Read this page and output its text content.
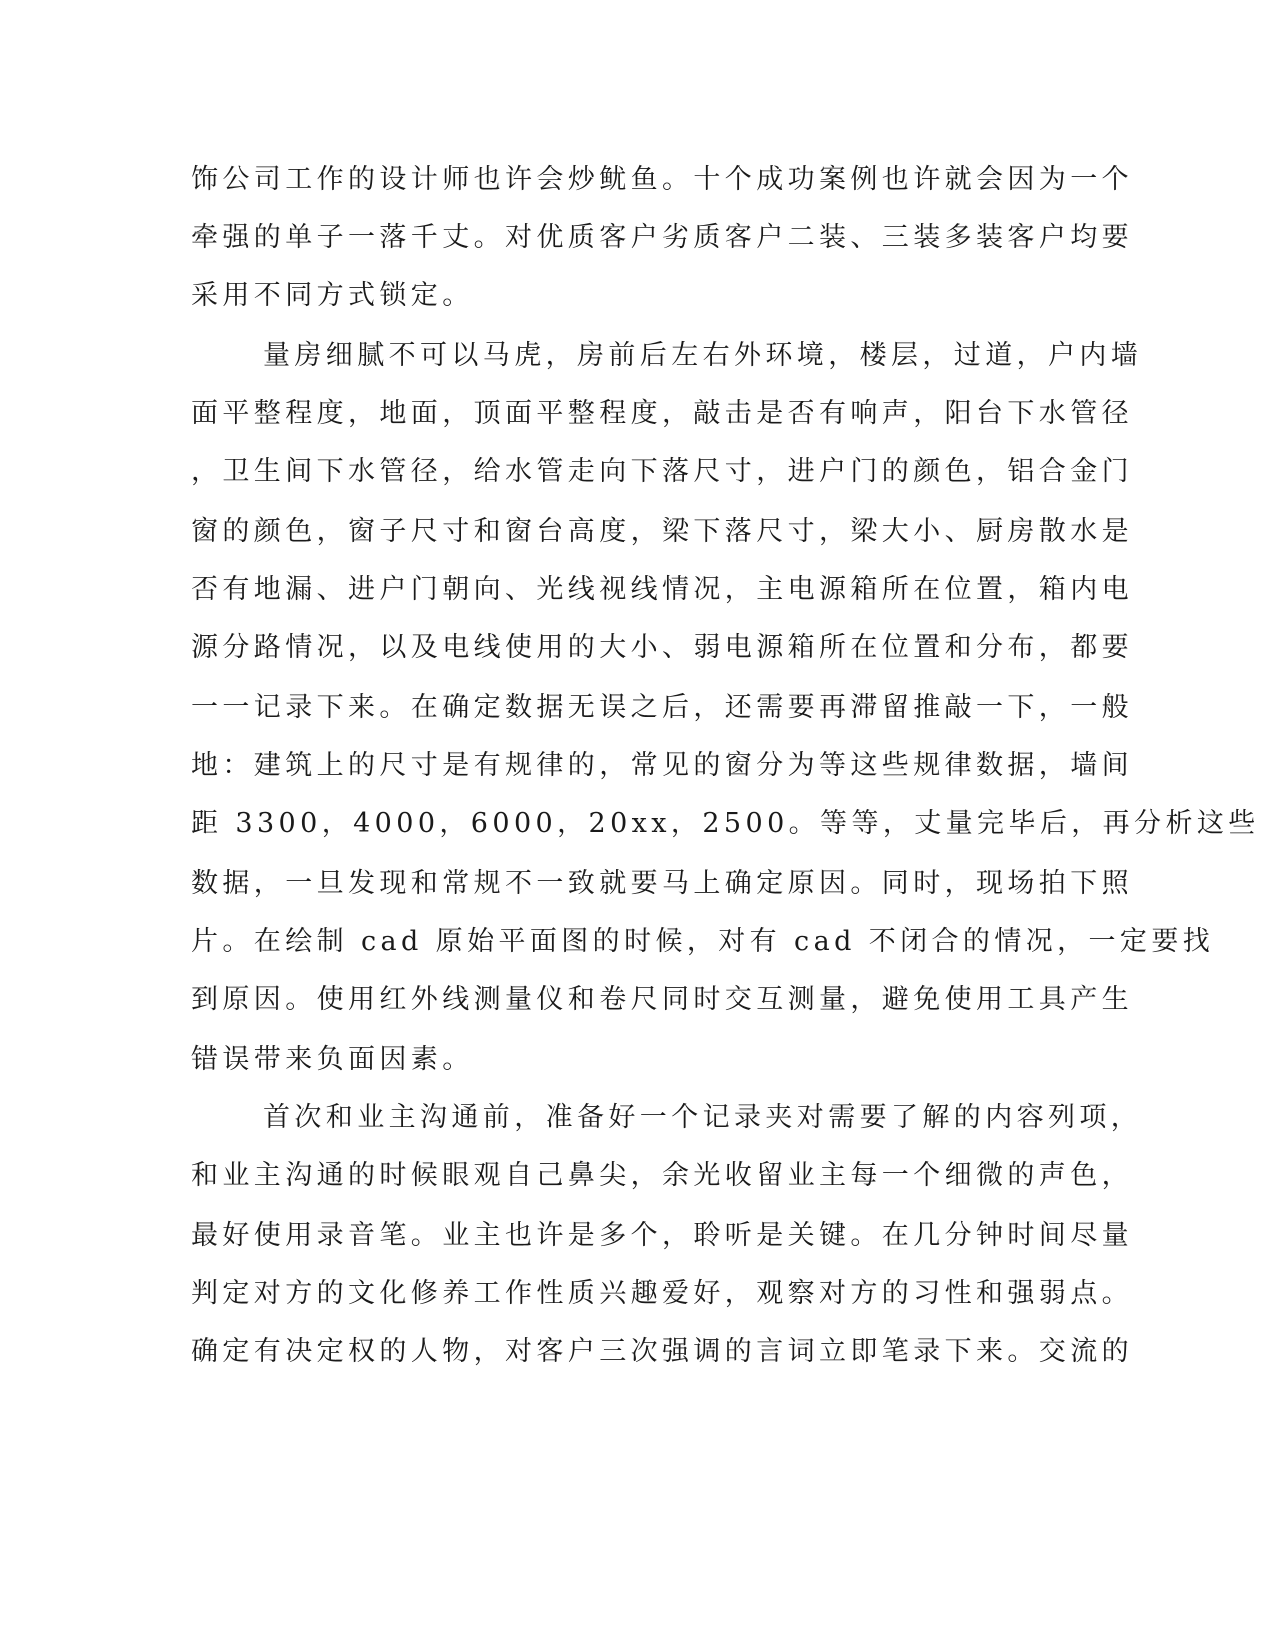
饰公司工作的设计师也许会炒鱿鱼。十个成功案例也许就会因为一个
牵强的单子一落千丈。对优质客户劣质客户二装、三装多装客户均要
采用不同方式锁定。
量房细腻不可以马虎，房前后左右外环境，楼层，过道，户内墙
面平整程度，地面，顶面平整程度，敲击是否有响声，阳台下水管径
，卫生间下水管径，给水管走向下落尺寸，进户门的颜色，铝合金门
窗的颜色，窗子尺寸和窗台高度，梁下落尺寸，梁大小、厨房散水是
否有地漏、进户门朝向、光线视线情况，主电源箱所在位置，箱内电
源分路情况，以及电线使用的大小、弱电源箱所在位置和分布，都要
一一记录下来。在确定数据无误之后，还需要再滞留推敲一下，一般
地：建筑上的尺寸是有规律的，常见的窗分为等这些规律数据，墙间
距 3300，4000，6000，20xx，2500。等等，丈量完毕后，再分析这些
数据，一旦发现和常规不一致就要马上确定原因。同时，现场拍下照
片。在绘制 cad 原始平面图的时候，对有 cad 不闭合的情况，一定要找
到原因。使用红外线测量仪和卷尺同时交互测量，避免使用工具产生
错误带来负面因素。
首次和业主沟通前，准备好一个记录夹对需要了解的内容列项，
和业主沟通的时候眼观自己鼻尖，余光收留业主每一个细微的声色，
最好使用录音笔。业主也许是多个，聆听是关键。在几分钟时间尽量
判定对方的文化修养工作性质兴趣爱好，观察对方的习性和强弱点。
确定有决定权的人物，对客户三次强调的言词立即笔录下来。交流的
